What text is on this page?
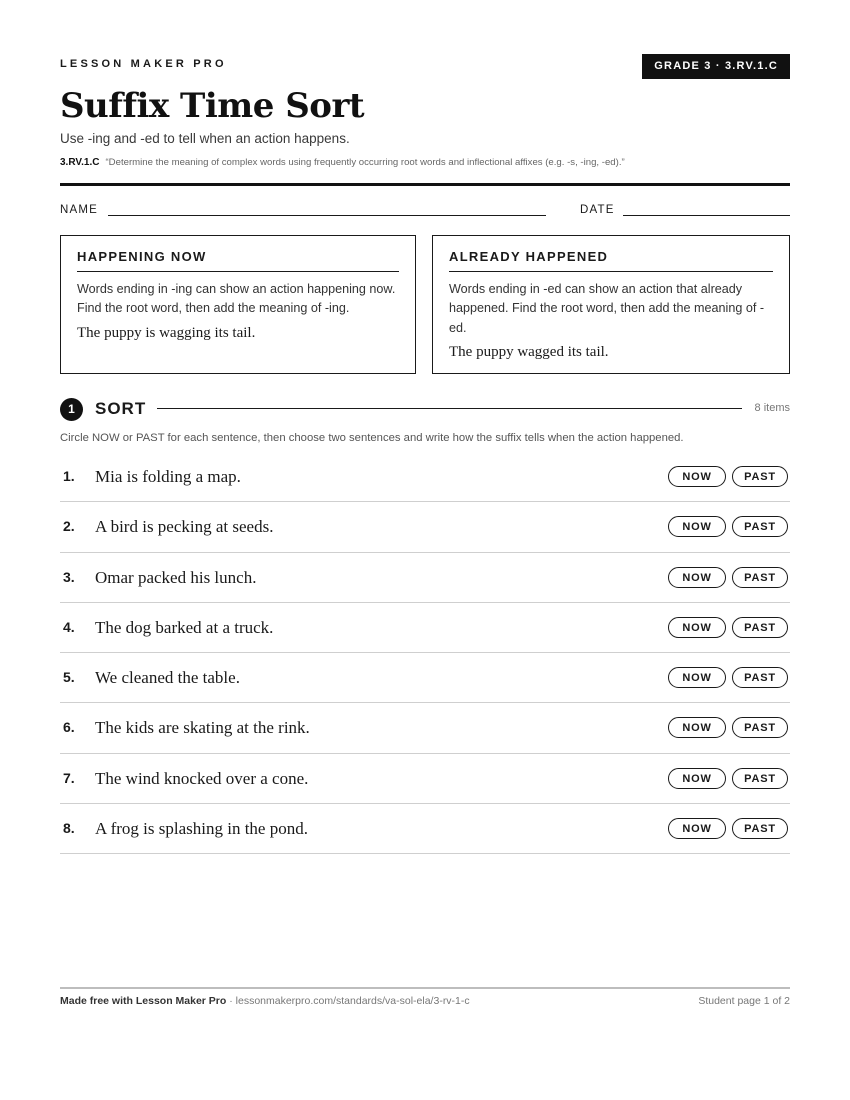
LESSON MAKER PRO	GRADE 3 · 3.RV.1.C
Suffix Time Sort
Use -ing and -ed to tell when an action happens.
3.RV.1.C “Determine the meaning of complex words using frequently occurring root words and inflectional affixes (e.g. -s, -ing, -ed).”
NAME	DATE
HAPPENING NOW
Words ending in -ing can show an action happening now. Find the root word, then add the meaning of -ing.
The puppy is wagging its tail.
ALREADY HAPPENED
Words ending in -ed can show an action that already happened. Find the root word, then add the meaning of -ed.
The puppy wagged its tail.
1	SORT	8 items
Circle NOW or PAST for each sentence, then choose two sentences and write how the suffix tells when the action happened.
1. Mia is folding a map.	NOW	PAST
2. A bird is pecking at seeds.	NOW	PAST
3. Omar packed his lunch.	NOW	PAST
4. The dog barked at a truck.	NOW	PAST
5. We cleaned the table.	NOW	PAST
6. The kids are skating at the rink.	NOW	PAST
7. The wind knocked over a cone.	NOW	PAST
8. A frog is splashing in the pond.	NOW	PAST
Made free with Lesson Maker Pro · lessonmakerpro.com/standards/va-sol-ela/3-rv-1-c	Student page 1 of 2
